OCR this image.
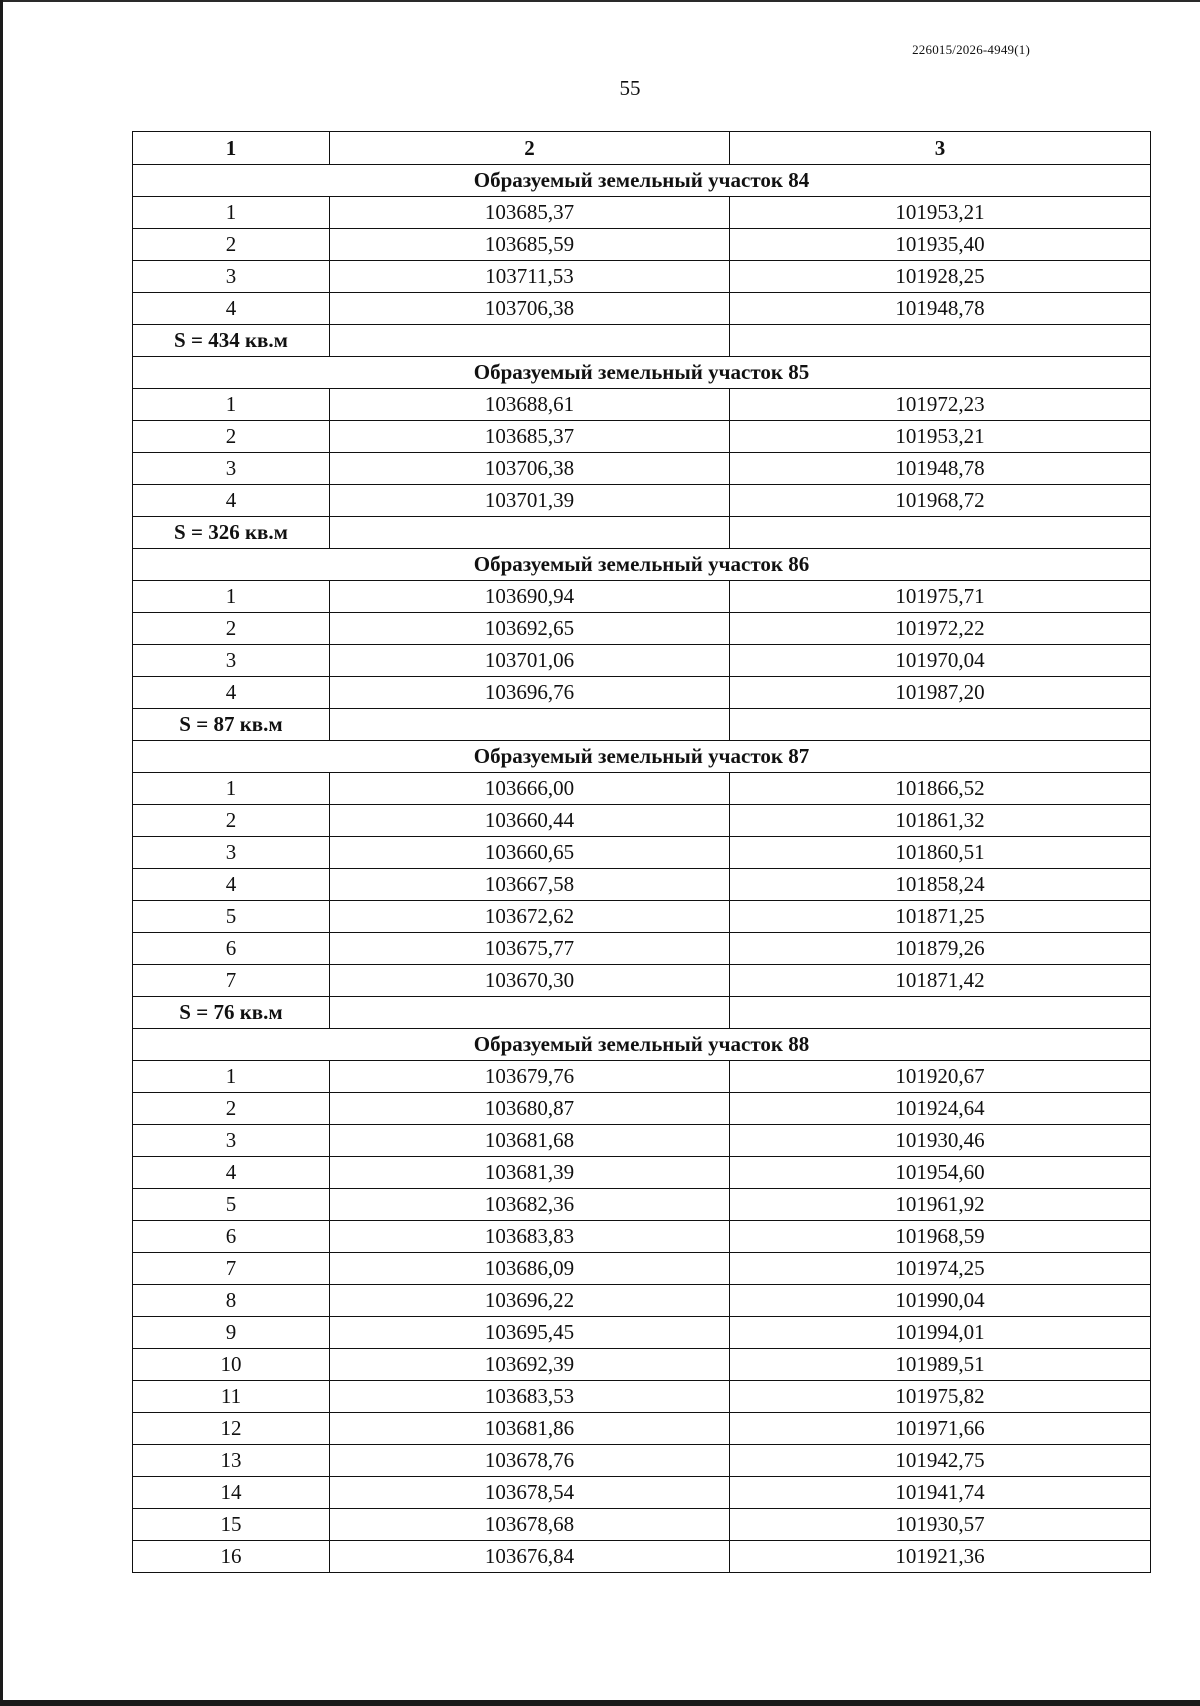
226015/2026-4949(1)
55
1	2	3
Образуемый земельный участок 84		
1	103685,37	101953,21
2	103685,59	101935,40
3	103711,53	101928,25
4	103706,38	101948,78
S = 434 кв.м		
Образуемый земельный участок 85		
1	103688,61	101972,23
2	103685,37	101953,21
3	103706,38	101948,78
4	103701,39	101968,72
S = 326 кв.м		
Образуемый земельный участок 86		
1	103690,94	101975,71
2	103692,65	101972,22
3	103701,06	101970,04
4	103696,76	101987,20
S = 87 кв.м		
Образуемый земельный участок 87		
1	103666,00	101866,52
2	103660,44	101861,32
3	103660,65	101860,51
4	103667,58	101858,24
5	103672,62	101871,25
6	103675,77	101879,26
7	103670,30	101871,42
S = 76 кв.м		
Образуемый земельный участок 88		
1	103679,76	101920,67
2	103680,87	101924,64
3	103681,68	101930,46
4	103681,39	101954,60
5	103682,36	101961,92
6	103683,83	101968,59
7	103686,09	101974,25
8	103696,22	101990,04
9	103695,45	101994,01
10	103692,39	101989,51
11	103683,53	101975,82
12	103681,86	101971,66
13	103678,76	101942,75
14	103678,54	101941,74
15	103678,68	101930,57
16	103676,84	101921,36
